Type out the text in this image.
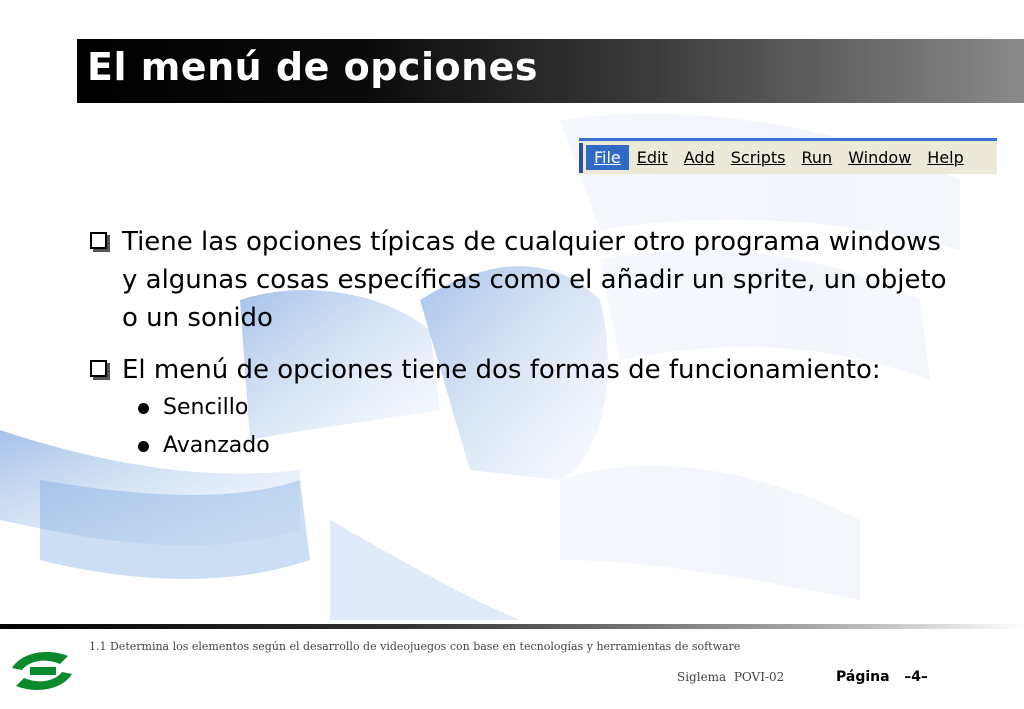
El menú de opciones
File	Edit	Add	Scripts	Run	Window	Help
Tiene las opciones típicas de cualquier otro programa windows y algunas cosas específicas como el añadir un sprite, un objeto o un sonido
El menú de opciones tiene dos formas de funcionamiento:
Sencillo
Avanzado
1.1 Determina los elementos según el desarrollo de videojuegos con base en tecnologías y herramientas de software
Siglema  POVI-02	Página   –4–
